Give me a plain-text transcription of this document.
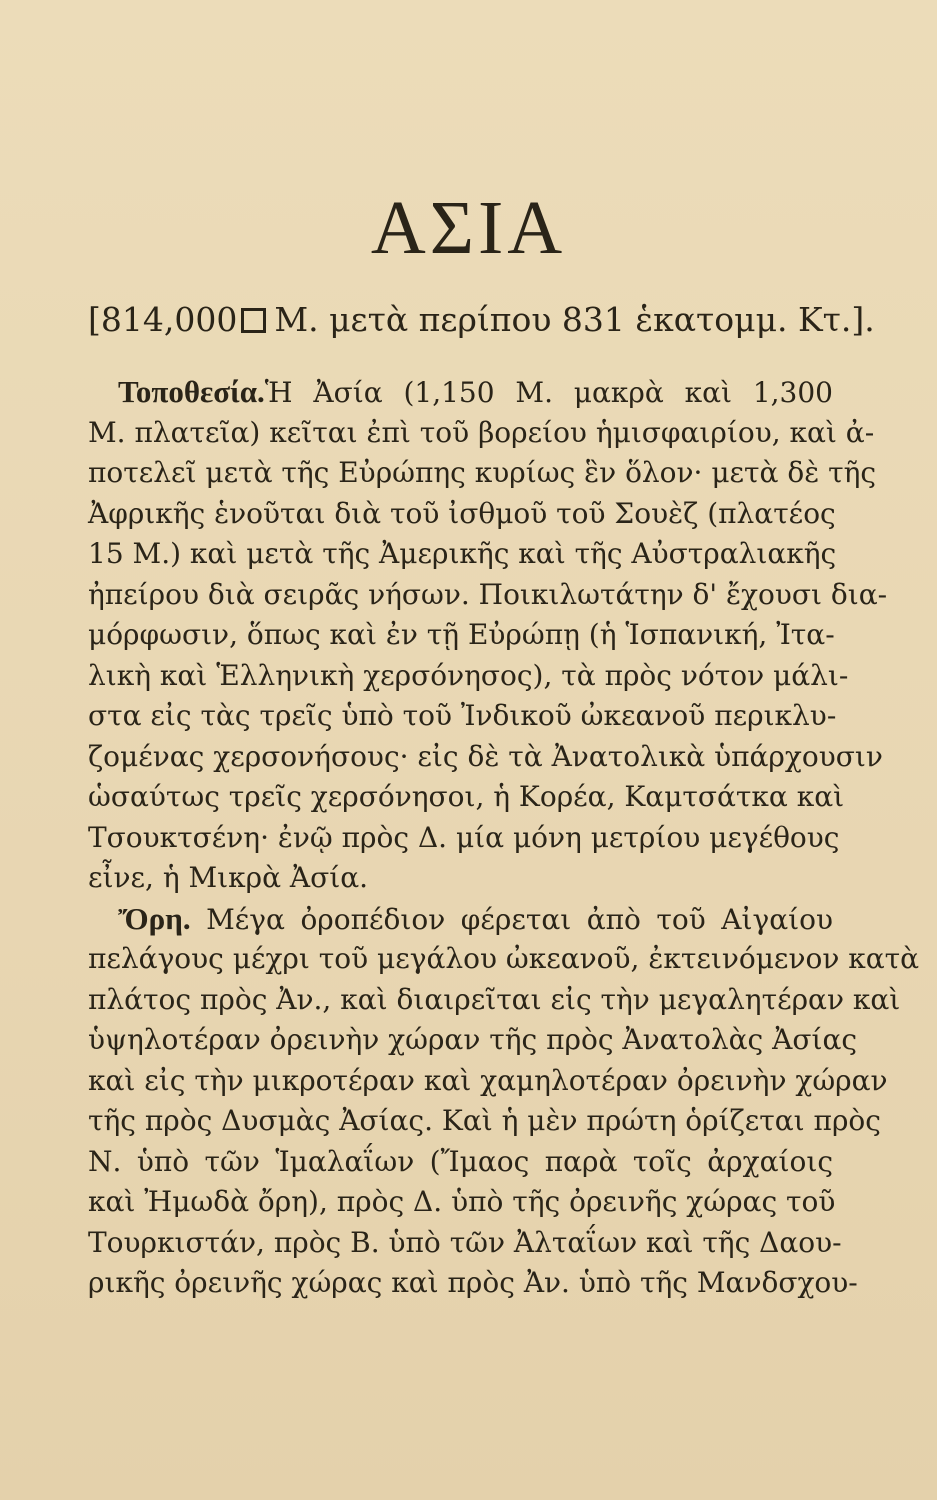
ΑΣΙΑ
[814,000 Μ. μετὰ περίπου 831 ἑκατομμ. Κτ.].
Τοποθεσία.Ἡ Ἀσία (1,150 Μ. μακρὰ καὶ 1,300
Μ. πλατεῖα) κεῖται ἐπὶ τοῦ βορείου ἡμισφαιρίου, καὶ ἀ-
ποτελεῖ μετὰ τῆς Εὐρώπης κυρίως ἓν ὅλον· μετὰ δὲ τῆς
Ἀφρικῆς ἑνοῦται διὰ τοῦ ἰσθμοῦ τοῦ Σουὲζ (πλατέος
15 Μ.) καὶ μετὰ τῆς Ἀμερικῆς καὶ τῆς Αὐστραλιακῆς
ἠπείρου διὰ σειρᾶς νήσων. Ποικιλωτάτην δ' ἔχουσι δια-
μόρφωσιν, ὅπως καὶ ἐν τῇ Εὐρώπῃ (ἡ Ἱσπανική, Ἰτα-
λικὴ καὶ Ἑλληνικὴ χερσόνησος), τὰ πρὸς νότον μάλι-
στα εἰς τὰς τρεῖς ὑπὸ τοῦ Ἰνδικοῦ ὠκεανοῦ περικλυ-
ζομένας χερσονήσους· εἰς δὲ τὰ Ἀνατολικὰ ὑπάρχουσιν
ὡσαύτως τρεῖς χερσόνησοι, ἡ Κορέα, Καμτσάτκα καὶ
Τσουκτσένη· ἐνῷ πρὸς Δ. μία μόνη μετρίου μεγέθους
εἶνε, ἡ Μικρὰ Ἀσία.
Ὄρη. Μέγα ὀροπέδιον φέρεται ἀπὸ τοῦ Αἰγαίου
πελάγους μέχρι τοῦ μεγάλου ὠκεανοῦ, ἐκτεινόμενον κατὰ
πλάτος πρὸς Ἀν., καὶ διαιρεῖται εἰς τὴν μεγαλητέραν καὶ
ὑψηλοτέραν ὀρεινὴν χώραν τῆς πρὸς Ἀνατολὰς Ἀσίας
καὶ εἰς τὴν μικροτέραν καὶ χαμηλοτέραν ὀρεινὴν χώραν
τῆς πρὸς Δυσμὰς Ἀσίας. Καὶ ἡ μὲν πρώτη ὁρίζεται πρὸς
Ν. ὑπὸ τῶν Ἱμαλαΐων (Ἴμαος παρὰ τοῖς ἀρχαίοις
καὶ Ἠμωδὰ ὄρη), πρὸς Δ. ὑπὸ τῆς ὀρεινῆς χώρας τοῦ
Τουρκιστάν, πρὸς Β. ὑπὸ τῶν Ἀλταΐων καὶ τῆς Δαου-
ρικῆς ὀρεινῆς χώρας καὶ πρὸς Ἀν. ὑπὸ τῆς Μανδσχου-
